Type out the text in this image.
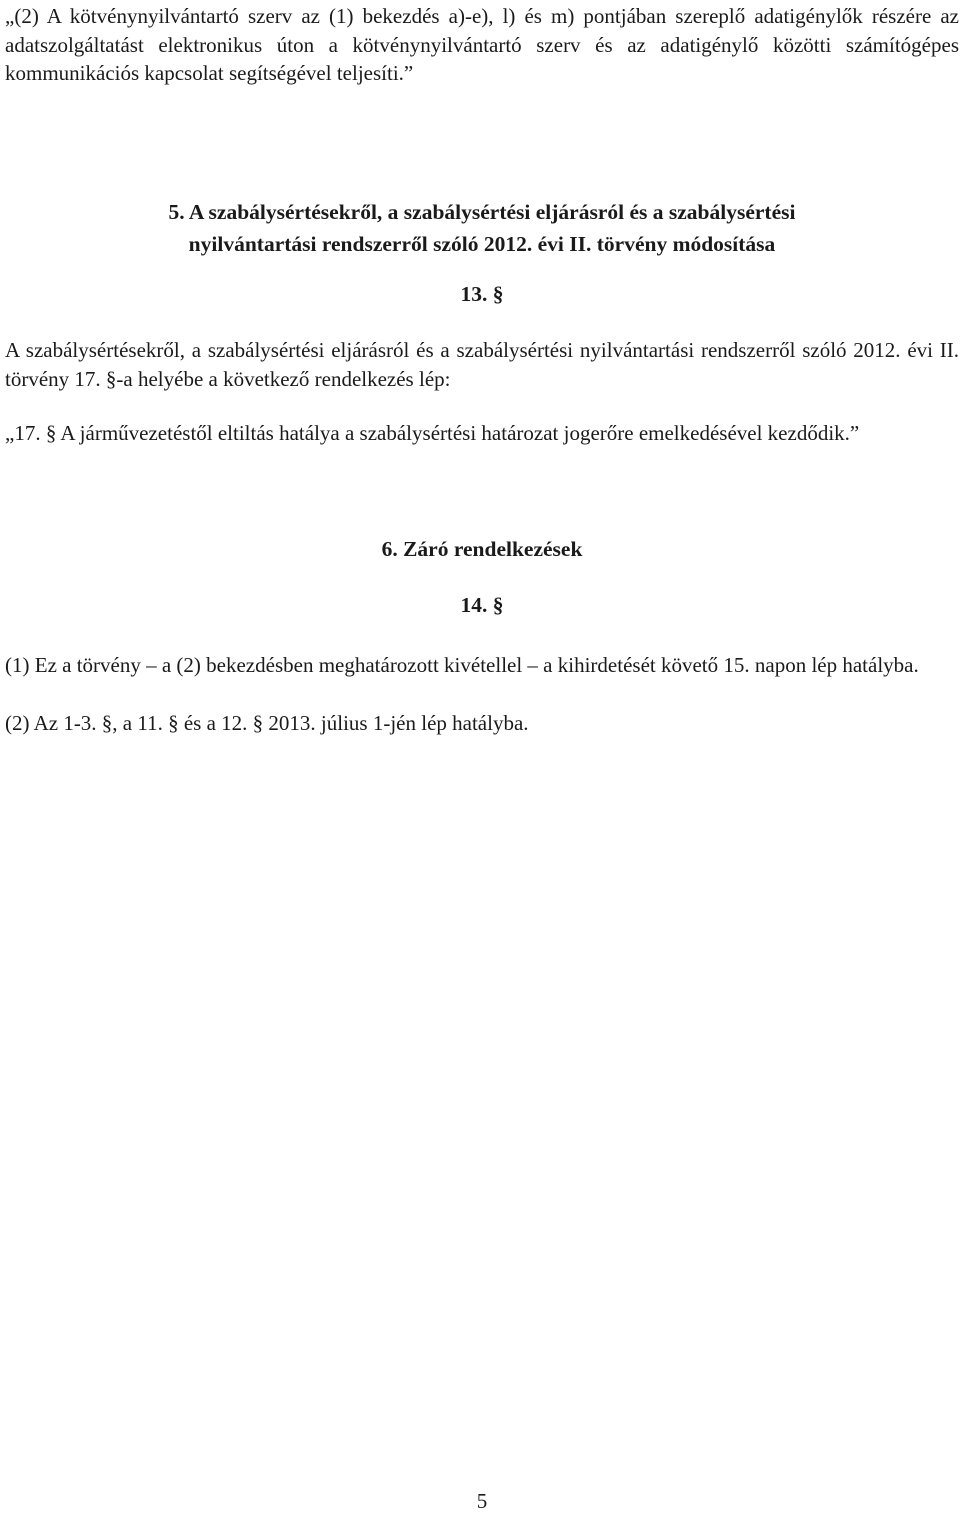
„(2) A kötvénynyilvántartó szerv az (1) bekezdés a)-e), l) és m) pontjában szereplő adatigénylők részére az adatszolgáltatást elektronikus úton a kötvénynyilvántartó szerv és az adatigénylő közötti számítógépes kommunikációs kapcsolat segítségével teljesíti.”

5. A szabálysértésekről, a szabálysértési eljárásról és a szabálysértési nyilvántartási rendszerről szóló 2012. évi II. törvény módosítása

13. §

A szabálysértésekről, a szabálysértési eljárásról és a szabálysértési nyilvántartási rendszerről szóló 2012. évi II. törvény 17. §-a helyébe a következő rendelkezés lép:

„17. § A járművezetéstől eltiltás hatálya a szabálysértési határozat jogerőre emelkedésével kezdődik.”

6. Záró rendelkezések

14. §

(1) Ez a törvény – a (2) bekezdésben meghatározott kivétellel – a kihirdetését követő 15. napon lép hatályba.

(2) Az 1-3. §, a 11. § és a 12. § 2013. július 1-jén lép hatályba.

5
